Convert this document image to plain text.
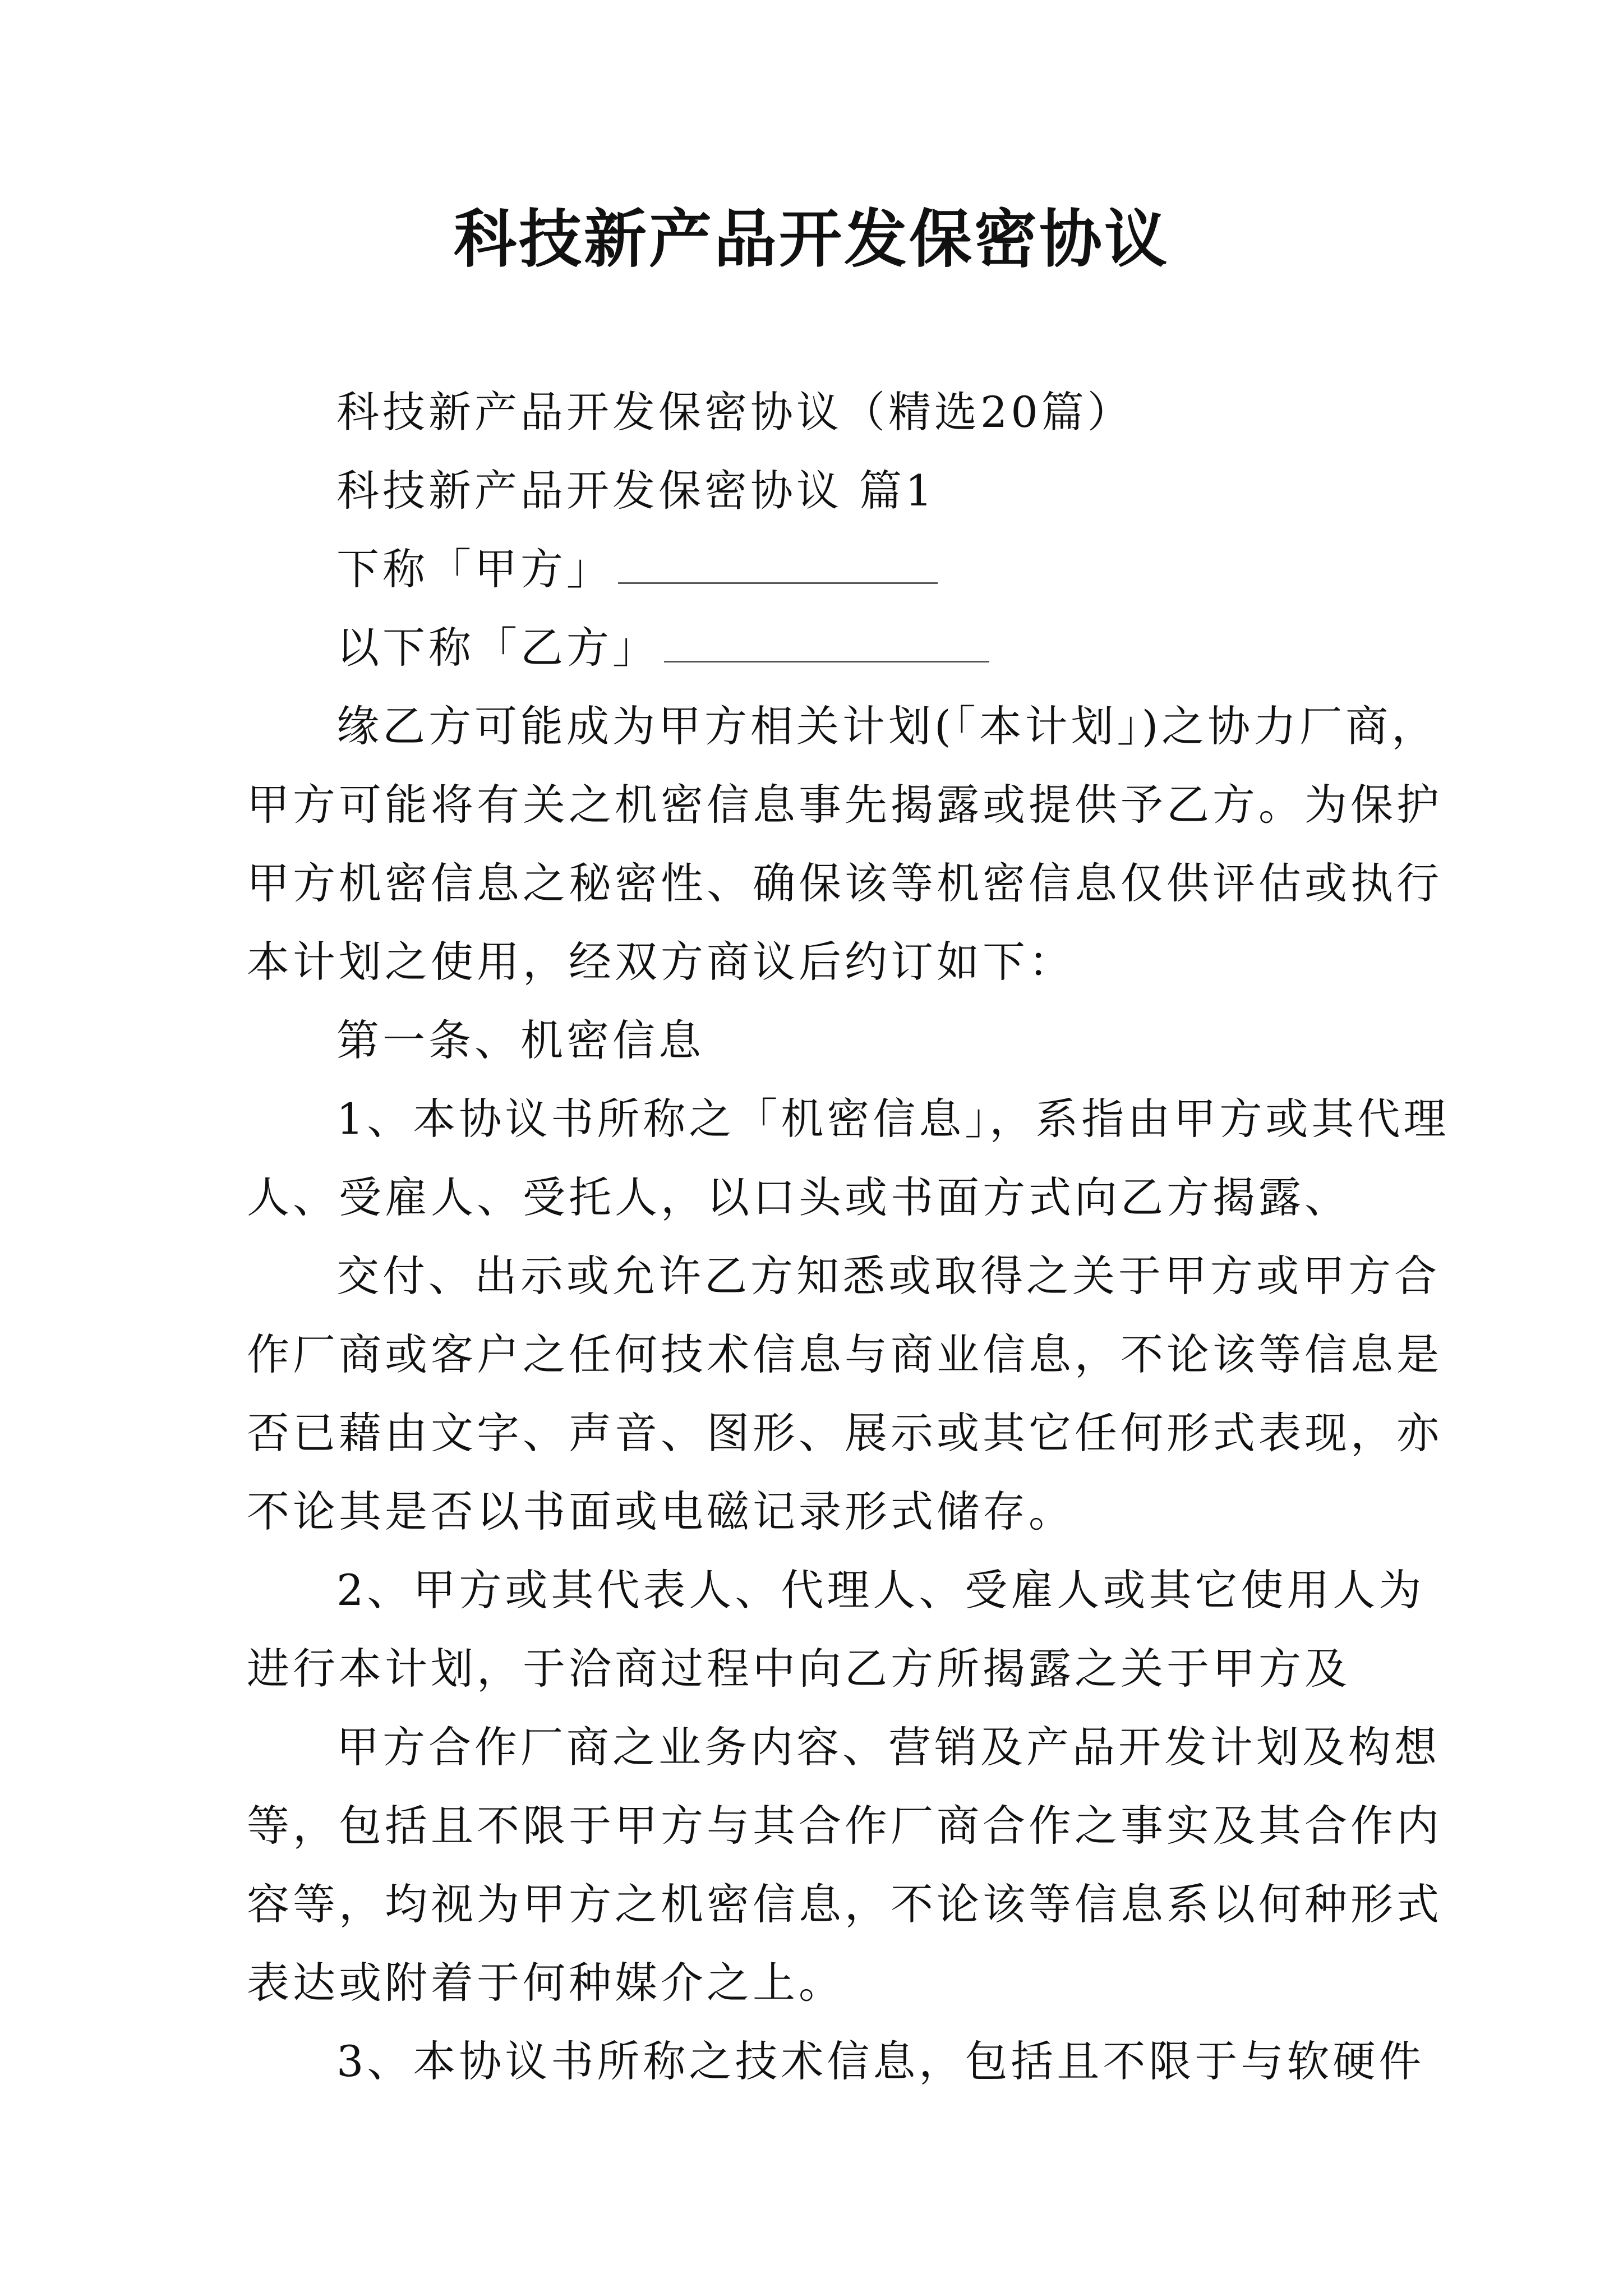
科技新产品开发保密协议
科技新产品开发保密协议（精选20篇）
科技新产品开发保密协议 篇1
下称「甲方」
以下称「乙方」
缘乙方可能成为甲方相关计划(「本计划」)之协力厂商，
甲方可能将有关之机密信息事先揭露或提供予乙方。为保护
甲方机密信息之秘密性、确保该等机密信息仅供评估或执行
本计划之使用，经双方商议后约订如下：
第一条、机密信息
1、本协议书所称之「机密信息」，系指由甲方或其代理
人、受雇人、受托人，以口头或书面方式向乙方揭露、
交付、出示或允许乙方知悉或取得之关于甲方或甲方合
作厂商或客户之任何技术信息与商业信息，不论该等信息是
否已藉由文字、声音、图形、展示或其它任何形式表现，亦
不论其是否以书面或电磁记录形式储存。
2、甲方或其代表人、代理人、受雇人或其它使用人为
进行本计划，于洽商过程中向乙方所揭露之关于甲方及
甲方合作厂商之业务内容、营销及产品开发计划及构想
等，包括且不限于甲方与其合作厂商合作之事实及其合作内
容等，均视为甲方之机密信息，不论该等信息系以何种形式
表达或附着于何种媒介之上。
3、本协议书所称之技术信息，包括且不限于与软硬件
